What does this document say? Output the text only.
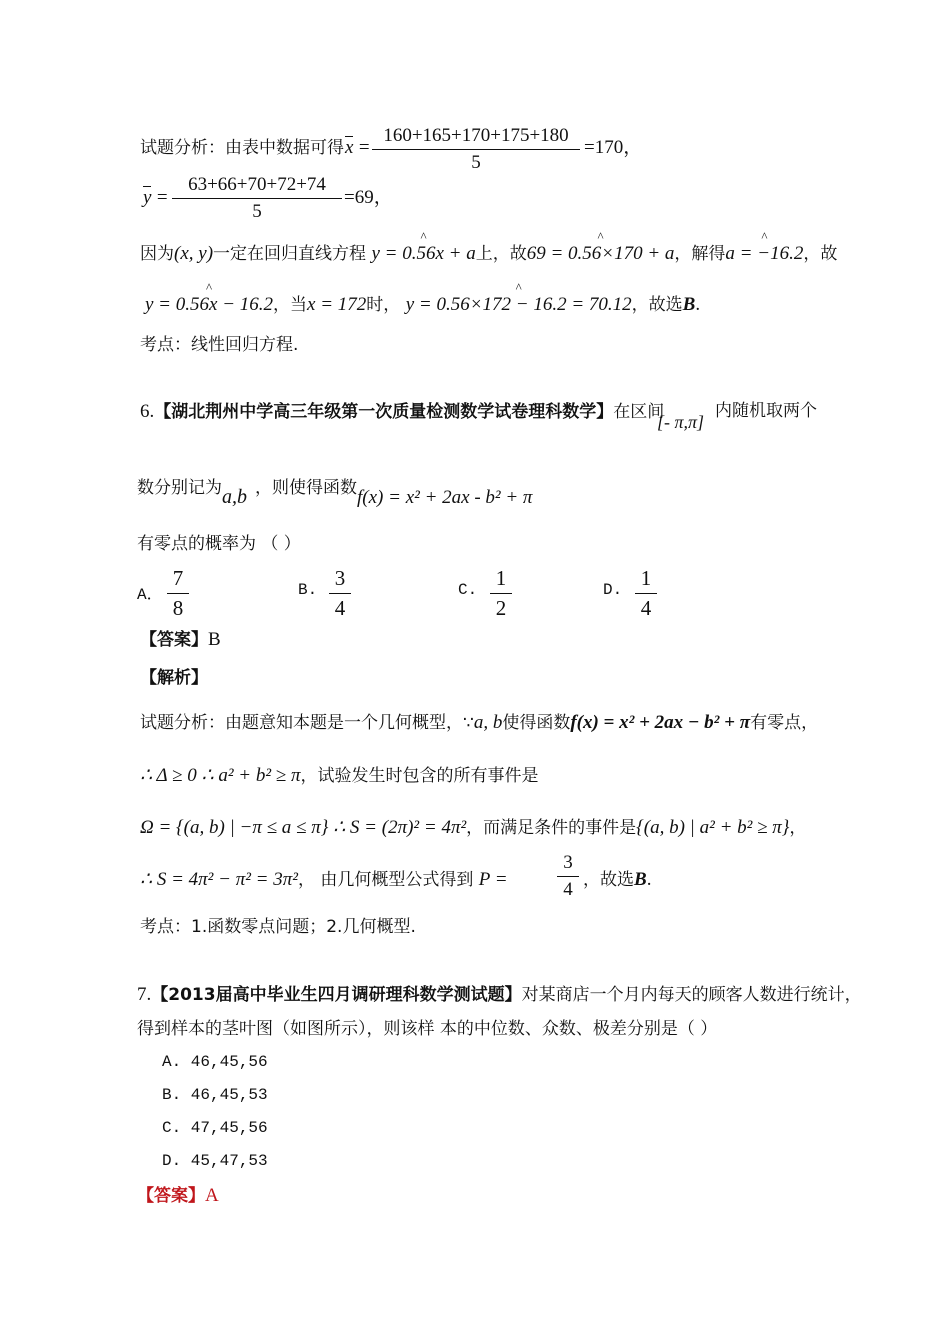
试题分析：由表中数据可得 x =
160+165+170+175+180
5
=170，
y =
63+66+70+72+74
5
=69，
因为(x, y)一定在回归直线方程 ^ y = 0.56x + a上，故^ 69 = 0.56×170 + a，解得^ a = −16.2，故
^ y = 0.56x − 16.2，当x = 172时， ^ y = 0.56×172 − 16.2 = 70.12，故选B.
考点：线性回归方程.
6.【湖北荆州中学高三年级第一次质量检测数学试卷理科数学】在区间
[- π,π]
内随机取两个
数分别记为 a,b ，则使得函数 f(x) = x² + 2ax - b² + π
有零点的概率为 （ ）
A．
7
8
B. 3
4
C. 1
2
D. 1
4
【答案】B
【解析】
试题分析：由题意知本题是一个几何概型，∵a, b使得函数f(x) = x² + 2ax − b² + π有零点，
∴ Δ ≥ 0 ∴ a² + b² ≥ π，试验发生时包含的所有事件是
Ω = {(a, b) | −π ≤ a ≤ π} ∴ S = (2π)² = 4π²，而满足条件的事件是{(a, b) | a² + b² ≥ π}，
∴ S = 4π² − π² = 3π²， 由几何概型公式得到 P =
3
4 ，故选B.
考点：1.函数零点问题；2.几何概型.
7.【2013届高中毕业生四月调研理科数学测试题】对某商店一个月内每天的顾客人数进行统计，
得到样本的茎叶图（如图所示），则该样 本的中位数、众数、极差分别是（ ）
A. 46,45,56
B. 46,45,53
C. 47,45,56
D. 45,47,53
【答案】A
